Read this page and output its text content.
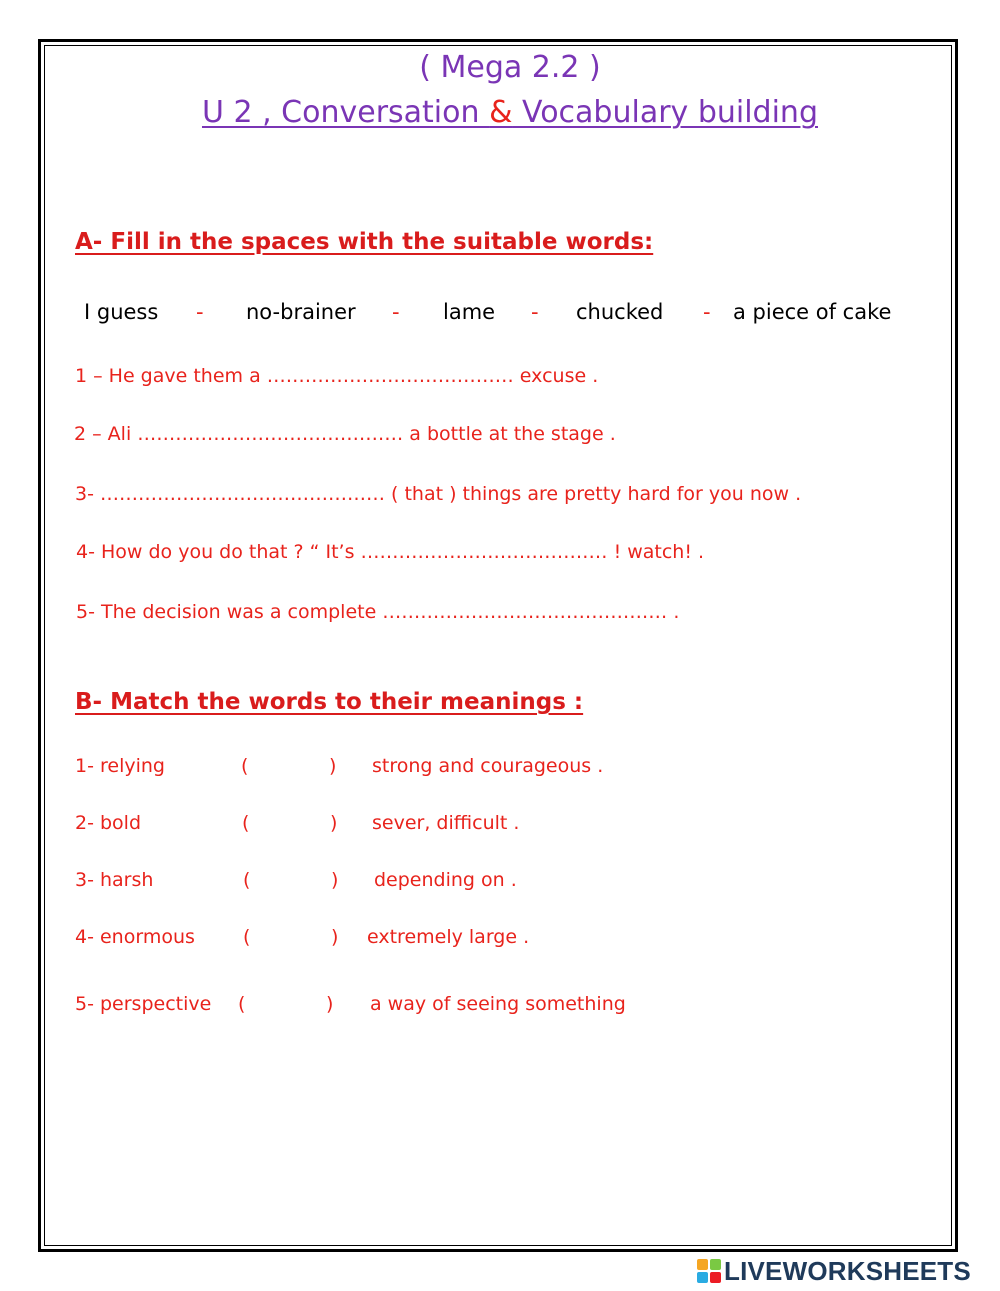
( Mega 2.2 )
U 2 , Conversation & Vocabulary building
A- Fill in the spaces with the suitable words:
I guess - no-brainer - lame - chucked - a piece of cake
1 – He gave them a ………………………………… excuse .
2 – Ali …………………………………… a bottle at the stage .
3- ……………………………………… ( that ) things are pretty hard for you now .
4- How do you do that ? “ It’s ………………………………… ! watch! .
5- The decision was a complete ……………………………………… .
B- Match the words to their meanings :
1- relying	(	) strong and courageous .
2- bold	(	) sever, difficult .
3- harsh	(	) depending on .
4- enormous	(	) extremely large .
5- perspective (	) a way of seeing something
LIVEWORKSHEETS
